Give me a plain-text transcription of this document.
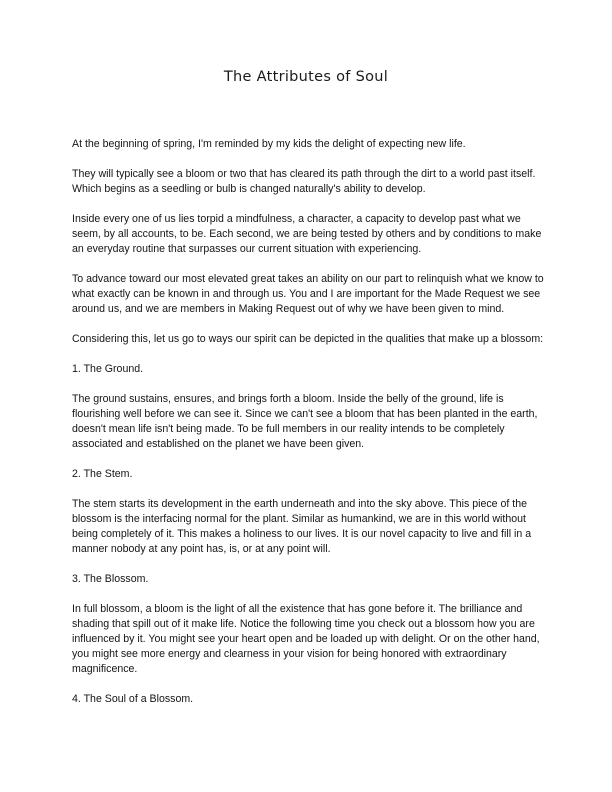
The Attributes of Soul

At the beginning of spring, I'm reminded by my kids the delight of expecting new life.

They will typically see a bloom or two that has cleared its path through the dirt to a world past itself. Which begins as a seedling or bulb is changed naturally's ability to develop.

Inside every one of us lies torpid a mindfulness, a character, a capacity to develop past what we seem, by all accounts, to be. Each second, we are being tested by others and by conditions to make an everyday routine that surpasses our current situation with experiencing.

To advance toward our most elevated great takes an ability on our part to relinquish what we know to what exactly can be known in and through us. You and I are important for the Made Request we see around us, and we are members in Making Request out of why we have been given to mind.

Considering this, let us go to ways our spirit can be depicted in the qualities that make up a blossom:

1. The Ground.

The ground sustains, ensures, and brings forth a bloom. Inside the belly of the ground, life is flourishing well before we can see it. Since we can't see a bloom that has been planted in the earth, doesn't mean life isn't being made. To be full members in our reality intends to be completely associated and established on the planet we have been given.

2. The Stem.

The stem starts its development in the earth underneath and into the sky above. This piece of the blossom is the interfacing normal for the plant. Similar as humankind, we are in this world without being completely of it. This makes a holiness to our lives. It is our novel capacity to live and fill in a manner nobody at any point has, is, or at any point will.

3. The Blossom.

In full blossom, a bloom is the light of all the existence that has gone before it. The brilliance and shading that spill out of it make life. Notice the following time you check out a blossom how you are influenced by it. You might see your heart open and be loaded up with delight. Or on the other hand, you might see more energy and clearness in your vision for being honored with extraordinary magnificence.

4. The Soul of a Blossom.
